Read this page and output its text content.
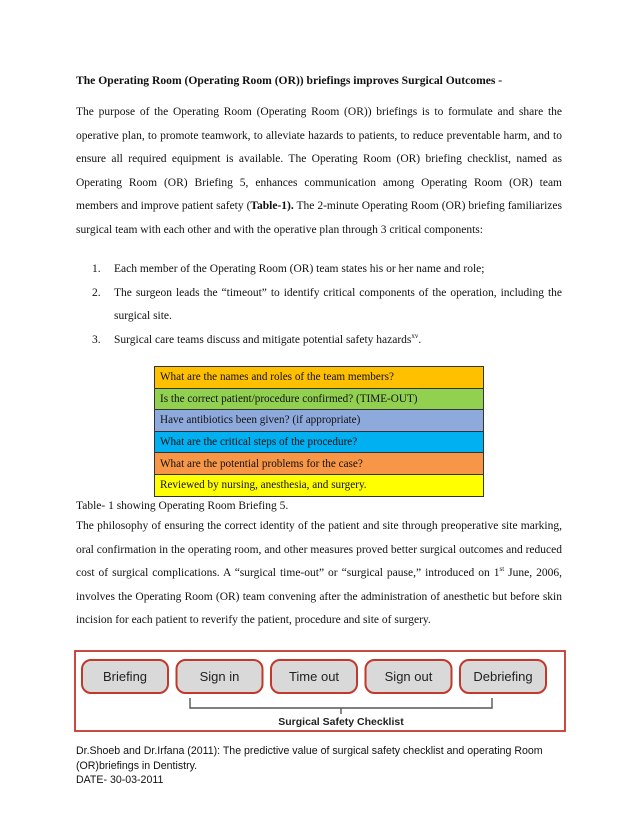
The Operating Room (Operating Room (OR)) briefings improves Surgical Outcomes -
The purpose of the Operating Room (Operating Room (OR)) briefings is to formulate and share the operative plan, to promote teamwork, to alleviate hazards to patients, to reduce preventable harm, and to ensure all required equipment is available. The Operating Room (OR) briefing checklist, named as Operating Room (OR) Briefing 5, enhances communication among Operating Room (OR) team members and improve patient safety (Table-1). The 2-minute Operating Room (OR) briefing familiarizes surgical team with each other and with the operative plan through 3 critical components:
1.	Each member of the Operating Room (OR) team states his or her name and role;
2.	The surgeon leads the “timeout” to identify critical components of the operation, including the surgical site.
3.	Surgical care teams discuss and mitigate potential safety hazards$^{xv}$.
What are the names and roles of the team members?
Is the correct patient/procedure confirmed? (TIME-OUT)
Have antibiotics been given? (if appropriate)
What are the critical steps of the procedure?
What are the potential problems for the case?
Reviewed by nursing, anesthesia, and surgery.
Table- 1 showing Operating Room Briefing 5.
The philosophy of ensuring the correct identity of the patient and site through preoperative site marking, oral confirmation in the operating room, and other measures proved better surgical outcomes and reduced cost of surgical complications. A “surgical time-out” or “surgical pause,” introduced on 1st June, 2006, involves the Operating Room (OR) team convening after the administration of anesthetic but before skin incision for each patient to reverify the patient, procedure and site of surgery.
Briefing	Sign in	Time out	Sign out	Debriefing
Surgical Safety Checklist
Dr.Shoeb and Dr.Irfana (2011): The predictive value of surgical safety checklist and operating Room
(OR)briefings in Dentistry.
DATE- 30-03-2011
